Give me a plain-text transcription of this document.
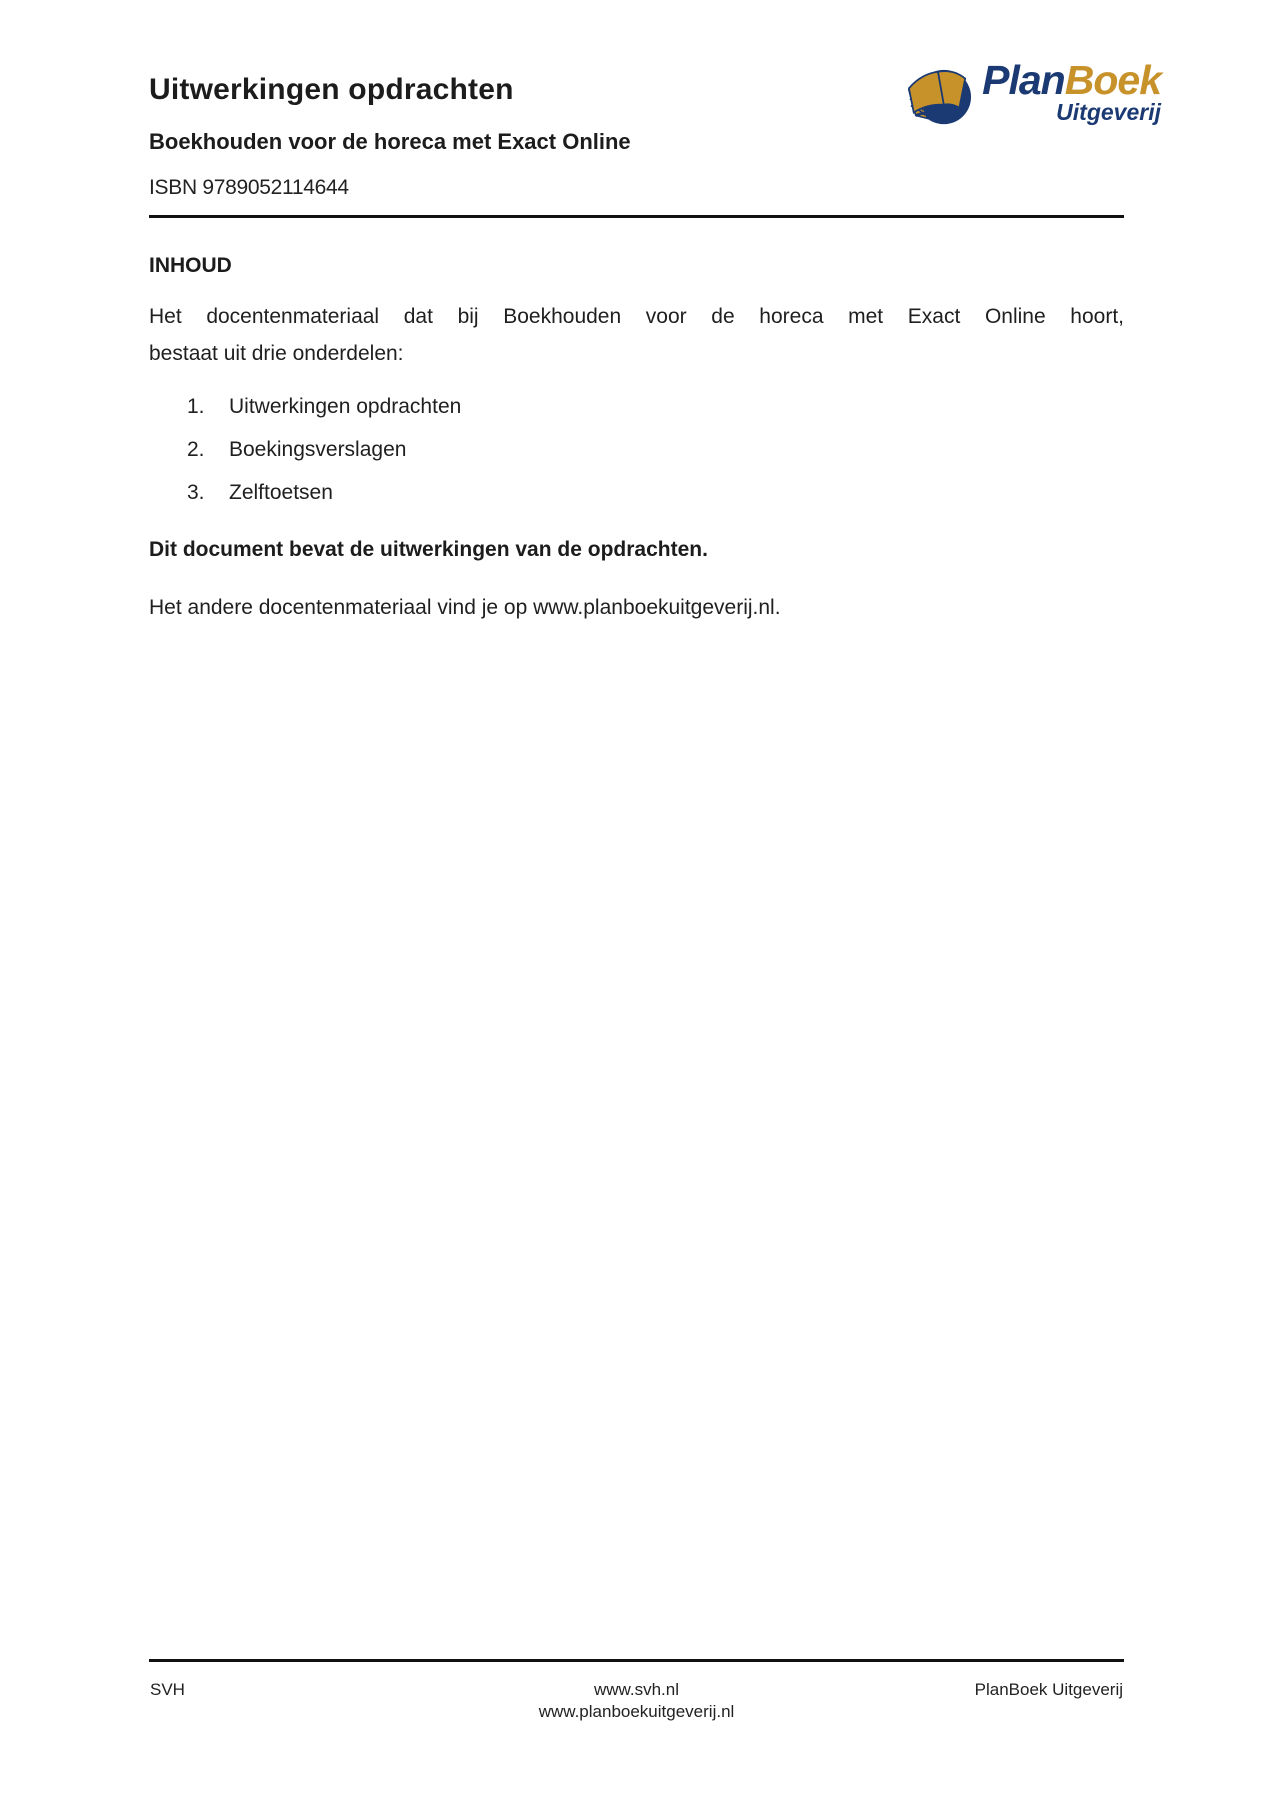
Uitwerkingen opdrachten
Boekhouden voor de horeca met Exact Online
ISBN 9789052114644
PlanBoek
Uitgeverij
INHOUD
Het docentenmateriaal dat bij Boekhouden voor de horeca met Exact Online hoort,
bestaat uit drie onderdelen:
1.	Uitwerkingen opdrachten
2.	Boekingsverslagen
3.	Zelftoetsen
Dit document bevat de uitwerkingen van de opdrachten.
Het andere docentenmateriaal vind je op www.planboekuitgeverij.nl.
SVH	www.svh.nl
www.planboekuitgeverij.nl
PlanBoek Uitgeverij
